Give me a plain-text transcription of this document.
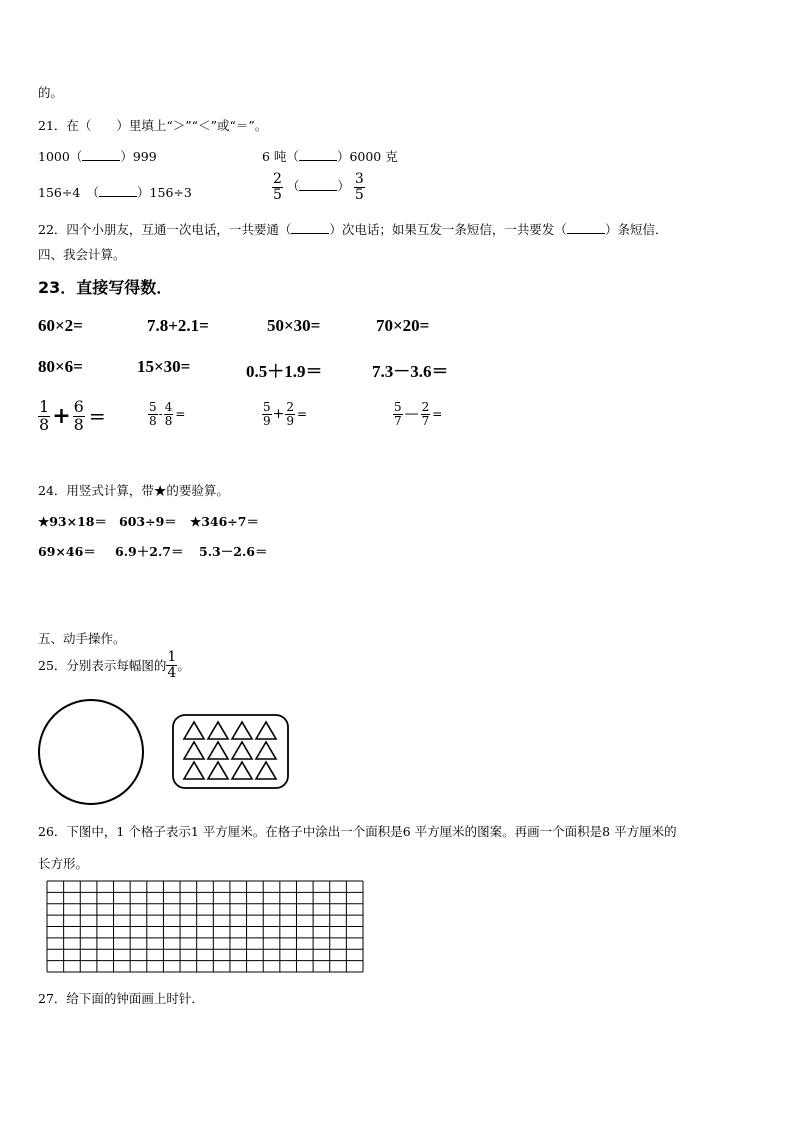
的。
21．在（　　）里填上“＞”“＜”或“＝”。
1000（	）999	6 吨（	）6000 克
156÷4　（	）156÷3	$\frac{2}{5}$ （	） $\frac{3}{5}$
22．四个小朋友，互通一次电话，一共要通（	）次电话；如果互发一条短信，一共要发（	）条短信．
四、我会计算。
23．直接写得数．
60×2=	7.8+2.1=	50×30=	70×20=
80×6=	15×30=	0.5＋1.9＝	7.3－3.6＝
$\frac{1}{8} + \frac{6}{8}$ =	$\frac{5}{8} - \frac{4}{8}$ =	$\frac{5}{9} + \frac{2}{9}$ =	$\frac{5}{7}$ — $\frac{2}{7}$ =
24．用竖式计算，带★的要验算。
★93×18＝ 603÷9＝ ★346÷7＝
69×46＝ 6.9＋2.7＝ 5.3－2.6＝
五、动手操作。
25．分别表示每幅图的 $\frac{1}{4}$ 。
26．下图中，1 个格子表示1 平方厘米。在格子中涂出一个面积是6 平方厘米的图案。再画一个面积是8 平方厘米的
长方形。
27．给下面的钟面画上时针．
